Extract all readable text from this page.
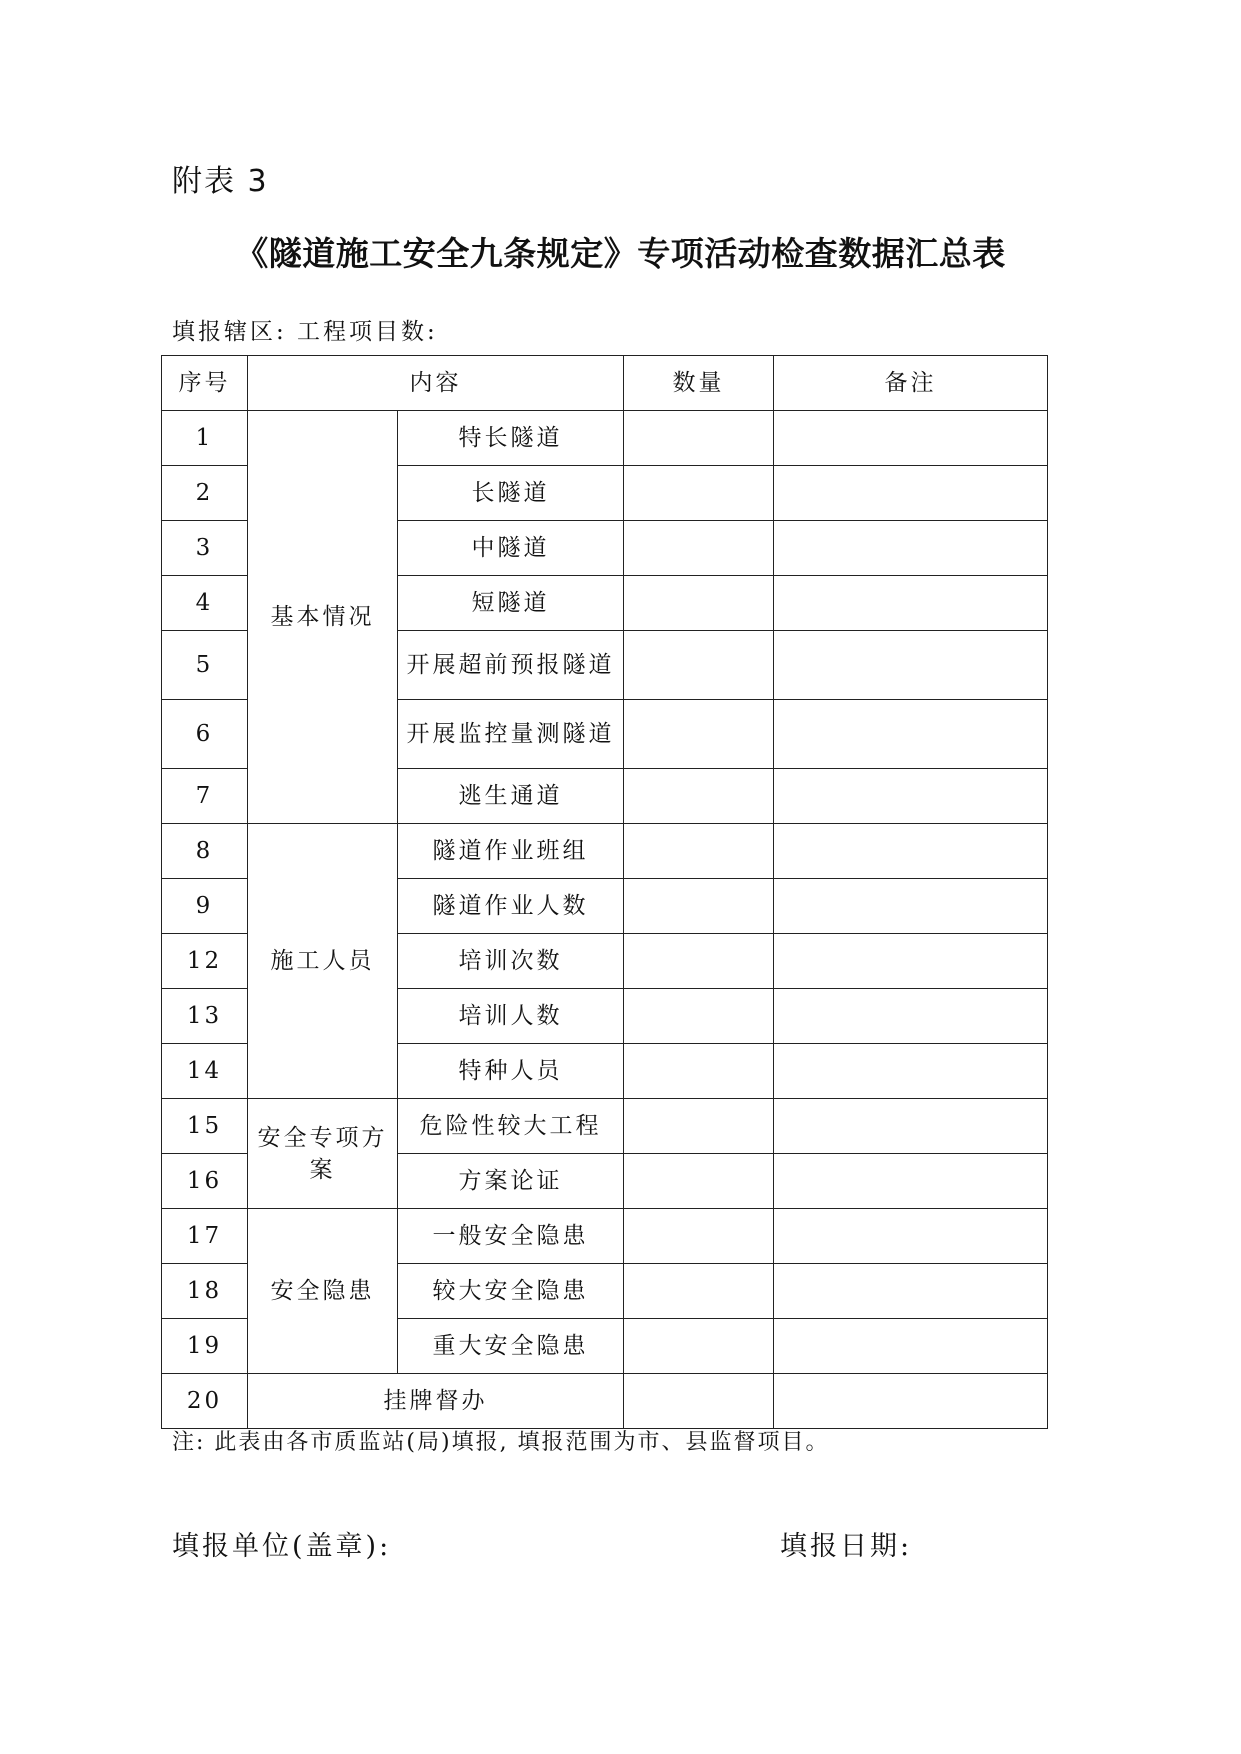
附表 3
《隧道施工安全九条规定》专项活动检查数据汇总表
填报辖区: 工程项目数:
序号	内容		数量	备注
1	基本情况	特长隧道		
2		长隧道		
3		中隧道		
4		短隧道		
5		开展超前预报隧道		
6		开展监控量测隧道		
7		逃生通道		
8	施工人员	隧道作业班组		
9		隧道作业人数		
12		培训次数		
13		培训人数		
14		特种人员		
15	安全专项方案	危险性较大工程		
16		方案论证		
17	安全隐患	一般安全隐患		
18		较大安全隐患		
19		重大安全隐患		
20	挂牌督办			
注: 此表由各市质监站(局)填报, 填报范围为市、县监督项目。
填报单位(盖章):	填报日期:
